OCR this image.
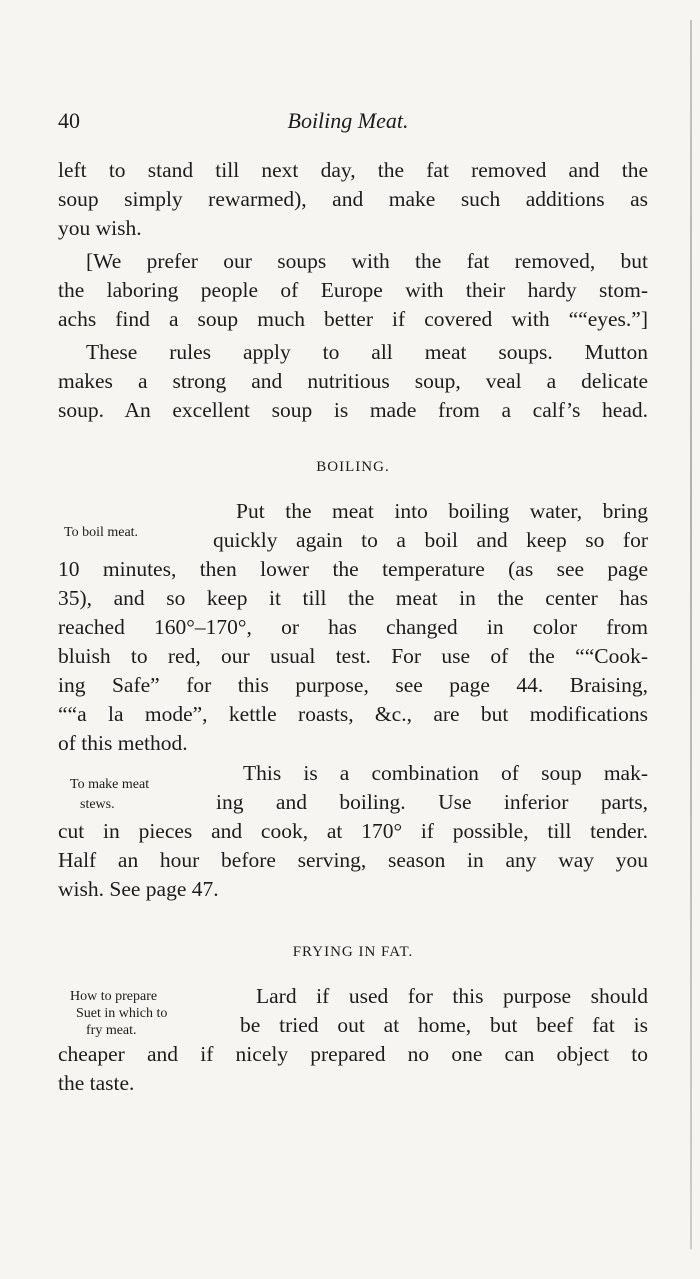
40	Boiling Meat.
left to stand till next day, the fat removed and the
soup simply rewarmed), and make such additions as
you wish.
[We prefer our soups with the fat removed, but
the laboring people of Europe with their hardy stom-
achs find a soup much better if covered with ““eyes.”]
These rules apply to all meat soups. Mutton
makes a strong and nutritious soup, veal a delicate
soup. An excellent soup is made from a calf’s head.
BOILING.
To boil meat.
Put the meat into boiling water, bring
quickly again to a boil and keep so for
10 minutes, then lower the temperature (as see page
35), and so keep it till the meat in the center has
reached 160°–170°, or has changed in color from
bluish to red, our usual test. For use of the ““Cook-
ing Safe” for this purpose, see page 44. Braising,
““a la mode”, kettle roasts, &c., are but modifications
of this method.
To make meat
stews.
This is a combination of soup mak-
ing and boiling. Use inferior parts,
cut in pieces and cook, at 170° if possible, till tender.
Half an hour before serving, season in any way you
wish. See page 47.
FRYING IN FAT.
How to prepare
Suet in which to
fry meat.
Lard if used for this purpose should
be tried out at home, but beef fat is
cheaper and if nicely prepared no one can object to
the taste.
